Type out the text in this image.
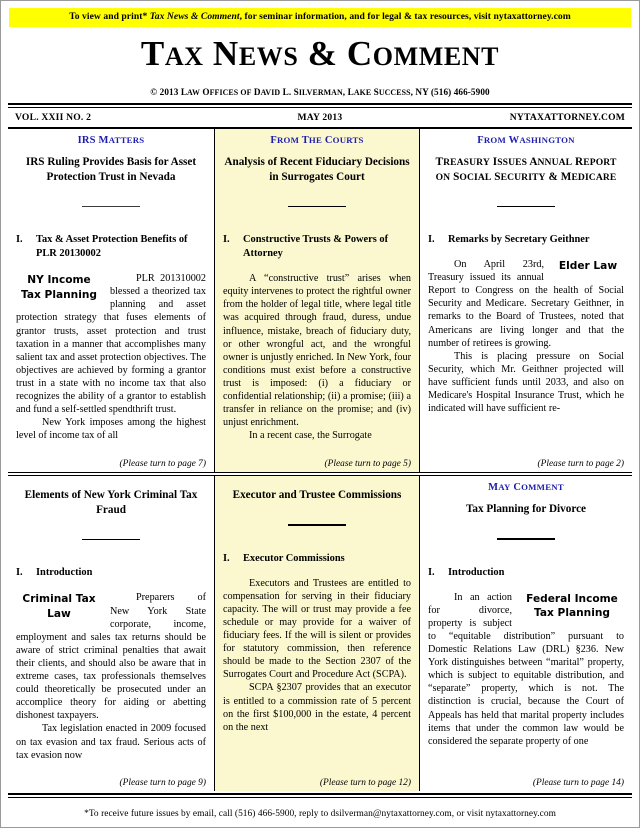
To view and print* Tax News & Comment, for seminar information, and for legal & tax resources, visit nytaxattorney.com
TAX NEWS & COMMENT
© 2013 LAW OFFICES OF DAVID L. SILVERMAN, LAKE SUCCESS, NY (516) 466-5900
VOL. XXII NO. 2	MAY 2013	NYTAXATTORNEY.COM
IRS MATTERS
IRS Ruling Provides Basis for Asset Protection Trust in Nevada
I.	Tax & Asset Protection Benefits of PLR 20130002

NY Income Tax Planning
PLR 201310002 blessed a theorized tax planning and asset protection strategy that fuses elements of grantor trusts, asset protection and trust taxation in a manner that accomplishes many salient tax and asset protection objectives. The objectives are achieved by forming a grantor trust in a state with no income tax that also recognizes the ability of a grantor to establish and fund a self-settled spendthrift trust.

New York imposes among the highest level of income tax of all

(Please turn to page 7)
FROM THE COURTS
Analysis of Recent Fiduciary Decisions in Surrogates Court
I.	Constructive Trusts & Powers of Attorney

A “constructive trust” arises when equity intervenes to protect the rightful owner from the holder of legal title, where legal title was acquired through fraud, duress, undue influence, mistake, breach of fiduciary duty, or other wrongful act, and the wrongful owner is unjustly enriched. In New York, four conditions must exist before a constructive trust is imposed: (i) a fiduciary or confidential relationship; (ii) a promise; (iii) a transfer in reliance on the promise; and (iv) unjust enrichment.

In a recent case, the Surrogate

(Please turn to page 5)
FROM WASHINGTON
TREASURY ISSUES ANNUAL REPORT
ON SOCIAL SECURITY & MEDICARE
I.	Remarks by Secretary Geithner

Elder Law
On April 23rd, Treasury issued its annual Report to Congress on the health of Social Security and Medicare. Secretary Geithner, in remarks to the Board of Trustees, noted that Americans are living longer and that the number of retirees is growing.

This is placing pressure on Social Security, which Mr. Geithner projected will have sufficient funds until 2033, and also on Medicare's Hospital Insurance Trust, which he indicated will have sufficient re-

(Please turn to page 2)
Elements of New York Criminal Tax Fraud
I.	Introduction

Criminal Tax Law
Preparers of New York State corporate, income, employment and sales tax returns should be aware of strict criminal penalties that await their clients, and should also be aware that in extreme cases, tax professionals themselves could theoretically be prosecuted under an accomplice theory for aiding or abetting dishonest taxpayers.

Tax legislation enacted in 2009 focused on tax evasion and tax fraud. Serious acts of tax evasion now

(Please turn to page 9)
Executor and Trustee Commissions
I.	Executor Commissions

Executors and Trustees are entitled to compensation for serving in their fiduciary capacity. The will or trust may provide a fee schedule or may provide for a waiver of fiduciary fees. If the will is silent or provides for statutory commission, then reference should be made to the Section 2307 of the Surrogates Court and Procedure Act (SCPA).

SCPA §2307 provides that an executor is entitled to a commission rate of 5 percent on the first $100,000 in the estate, 4 percent on the next

(Please turn to page 12)
MAY COMMENT
Tax Planning for Divorce
I.	Introduction

Federal Income Tax Planning
In an action for divorce, property is subject to “equitable distribution” pursuant to Domestic Relations Law (DRL) §236. New York distinguishes between “marital” property, which is subject to equitable distribution, and “separate” property, which is not. The distinction is crucial, because the Court of Appeals has held that marital property includes items that under the common law would be considered the separate property of one

(Please turn to page 14)
*To receive future issues by email, call (516) 466-5900, reply to dsilverman@nytaxattorney.com, or visit nytaxattorney.com
